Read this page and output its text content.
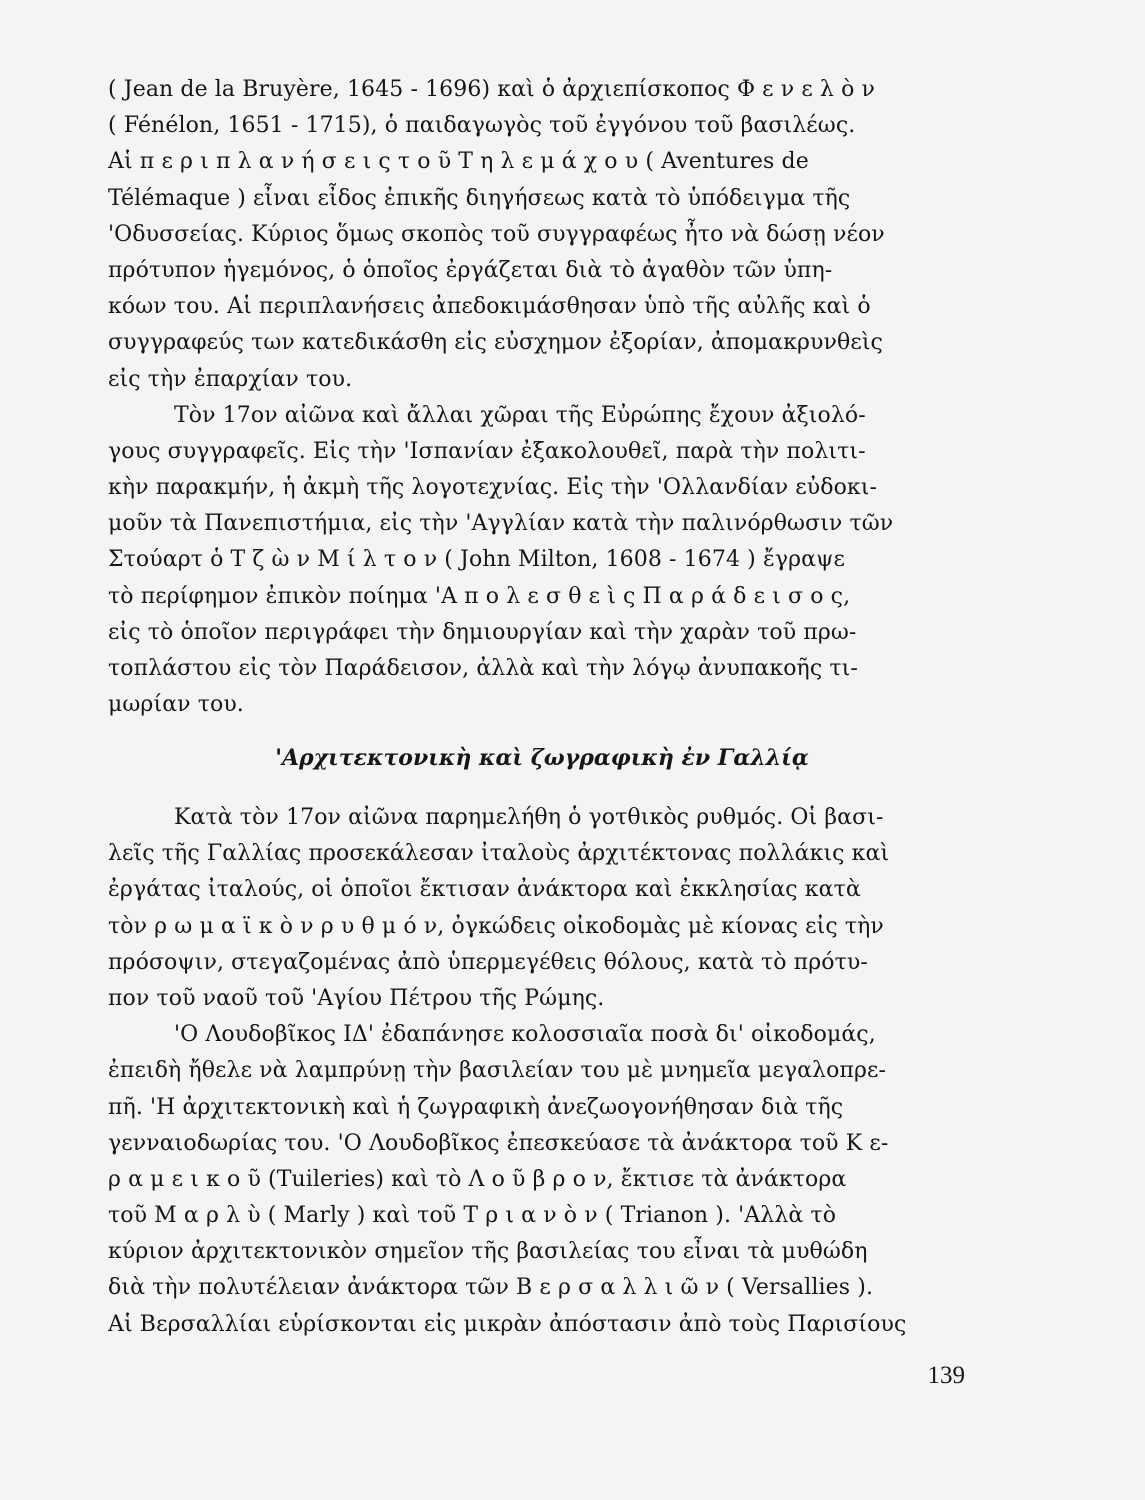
( Jean de la Bruyère, 1645 - 1696) καὶ ὁ ἀρχιεπίσκοπος Φ ε ν ε λ ὸ ν
( Fénélon, 1651 - 1715), ὁ παιδαγωγὸς τοῦ ἐγγόνου τοῦ βασιλέως.
Αἱ π ε ρ ι π λ α ν ή σ ε ι ς τ ο ῦ Τ η λ ε μ ά χ ο υ ( Aventures de
Télémaque ) εἶναι εἶδος ἐπικῆς διηγήσεως κατὰ τὸ ὑπόδειγμα τῆς
'Οδυσσείας. Κύριος ὅμως σκοπὸς τοῦ συγγραφέως ἦτο νὰ δώσῃ νέον
πρότυπον ἡγεμόνος, ὁ ὁποῖος ἐργάζεται διὰ τὸ ἀγαθὸν τῶν ὑπη-
κόων του. Αἱ περιπλανήσεις ἀπεδοκιμάσθησαν ὑπὸ τῆς αὐλῆς καὶ ὁ
συγγραφεύς των κατεδικάσθη εἰς εὐσχημον ἐξορίαν, ἀπομακρυνθεὶς
εἰς τὴν ἐπαρχίαν του.
Τὸν 17ον αἰῶνα καὶ ἄλλαι χῶραι τῆς Εὐρώπης ἔχουν ἀξιολό-
γους συγγραφεῖς. Εἰς τὴν 'Ισπανίαν ἐξακολουθεῖ, παρὰ τὴν πολιτι-
κὴν παρακμήν, ἡ ἀκμὴ τῆς λογοτεχνίας. Εἰς τὴν 'Ολλανδίαν εὐδοκι-
μοῦν τὰ Πανεπιστήμια, εἰς τὴν 'Αγγλίαν κατὰ τὴν παλινόρθωσιν τῶν
Στούαρτ ὁ Τ ζ ὼ ν Μ ί λ τ ο ν ( John Milton, 1608 - 1674 ) ἔγραψε
τὸ περίφημον ἐπικὸν ποίημα 'Α π ο λ ε σ θ ε ὶ ς Π α ρ ά δ ε ι σ ο ς,
εἰς τὸ ὁποῖον περιγράφει τὴν δημιουργίαν καὶ τὴν χαρὰν τοῦ πρω-
τοπλάστου εἰς τὸν Παράδεισον, ἀλλὰ καὶ τὴν λόγῳ ἀνυπακοῆς τι-
μωρίαν του.
'Αρχιτεκτονικὴ καὶ ζωγραφικὴ ἐν Γαλλίᾳ
Κατὰ τὸν 17ον αἰῶνα παρημελήθη ὁ γοτθικὸς ρυθμός. Οἱ βασι-
λεῖς τῆς Γαλλίας προσεκάλεσαν ἰταλοὺς ἀρχιτέκτονας πολλάκις καὶ
ἐργάτας ἰταλούς, οἱ ὁποῖοι ἔκτισαν ἀνάκτορα καὶ ἐκκλησίας κατὰ
τὸν ρ ω μ α ϊ κ ὸ ν ρ υ θ μ ό ν, ὀγκώδεις οἰκοδομὰς μὲ κίονας εἰς τὴν
πρόσοψιν, στεγαζομένας ἀπὸ ὑπερμεγέθεις θόλους, κατὰ τὸ πρότυ-
πον τοῦ ναοῦ τοῦ 'Αγίου Πέτρου τῆς Ρώμης.
'Ο Λουδοβῖκος ΙΔ' ἐδαπάνησε κολοσσιαῖα ποσὰ δι' οἰκοδομάς,
ἐπειδὴ ἤθελε νὰ λαμπρύνῃ τὴν βασιλείαν του μὲ μνημεῖα μεγαλοπρε-
πῆ. 'Η ἀρχιτεκτονικὴ καὶ ἡ ζωγραφικὴ ἀνεζωογονήθησαν διὰ τῆς
γενναιοδωρίας του. 'Ο Λουδοβῖκος ἐπεσκεύασε τὰ ἀνάκτορα τοῦ Κ ε-
ρ α μ ε ι κ ο ῦ (Tuileries) καὶ τὸ Λ ο ῦ β ρ ο ν, ἔκτισε τὰ ἀνάκτορα
τοῦ Μ α ρ λ ὺ ( Marly ) καὶ τοῦ Τ ρ ι α ν ὸ ν ( Trianon ). 'Αλλὰ τὸ
κύριον ἀρχιτεκτονικὸν σημεῖον τῆς βασιλείας του εἶναι τὰ μυθώδη
διὰ τὴν πολυτέλειαν ἀνάκτορα τῶν Β ε ρ σ α λ λ ι ῶ ν ( Versallies ).
Αἱ Βερσαλλίαι εὑρίσκονται εἰς μικρὰν ἀπόστασιν ἀπὸ τοὺς Παρισίους
139
